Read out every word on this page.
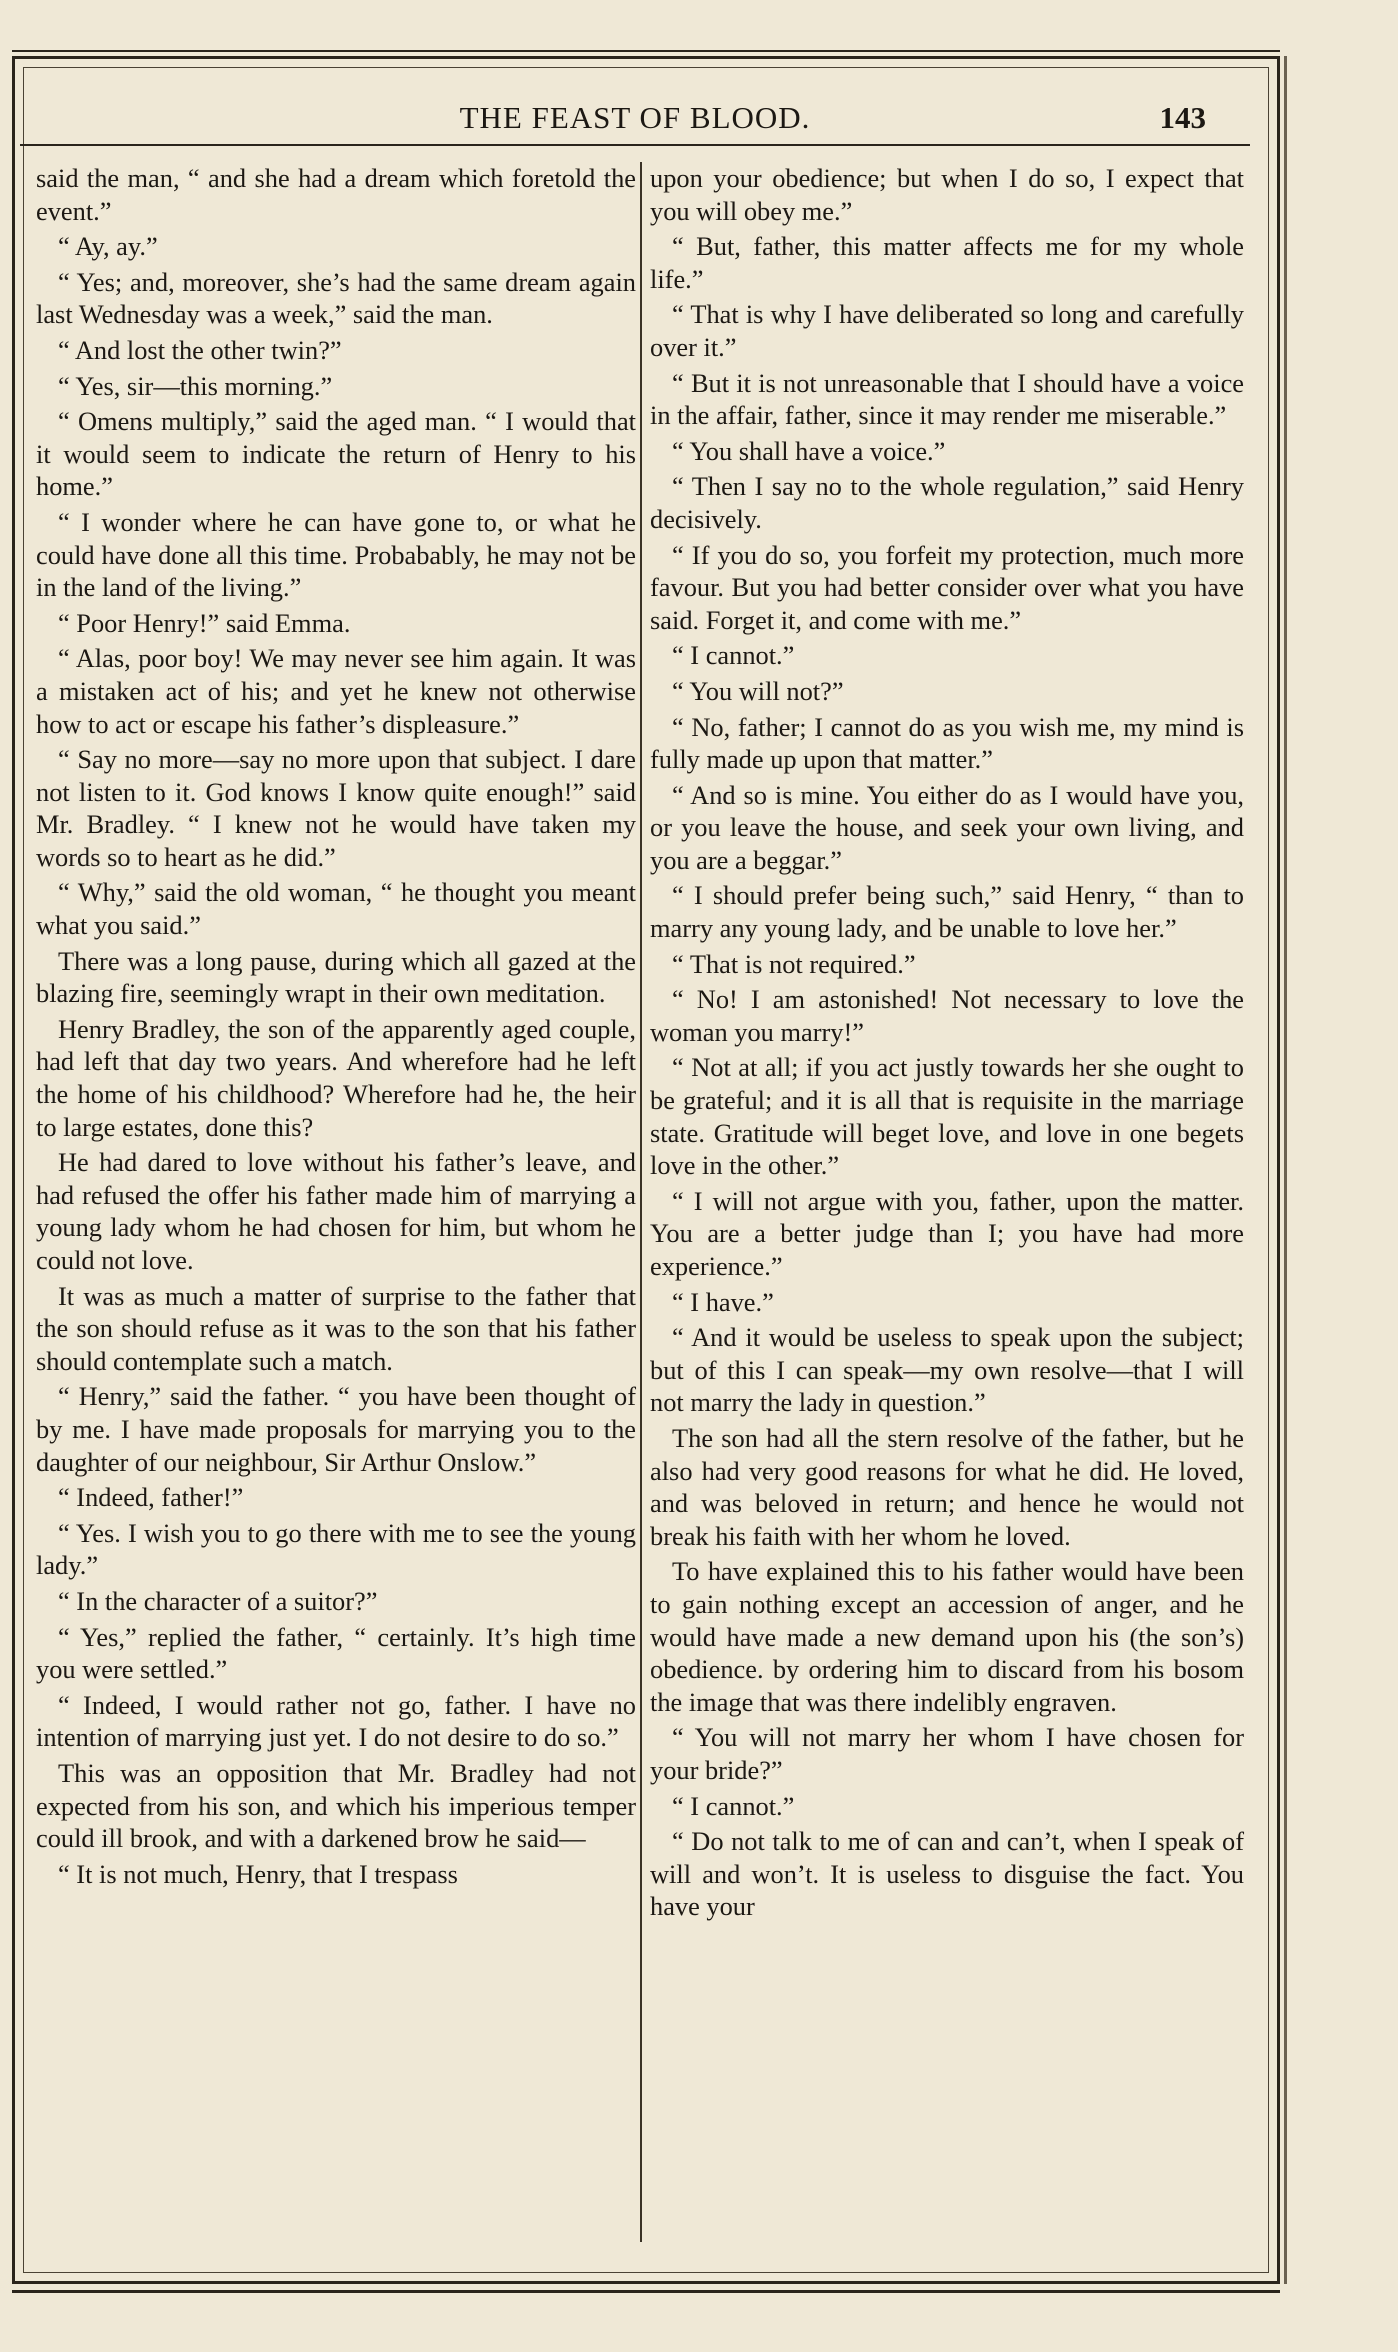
THE FEAST OF BLOOD.	143

said the man, “ and she had a dream which foretold the event.”

“ Ay, ay.”

“ Yes; and, moreover, she’s had the same dream again last Wednesday was a week,” said the man.

“ And lost the other twin?”

“ Yes, sir—this morning.”

“ Omens multiply,” said the aged man. “ I would that it would seem to indicate the return of Henry to his home.”

“ I wonder where he can have gone to, or what he could have done all this time. Probabably, he may not be in the land of the living.”

“ Poor Henry!” said Emma.

“ Alas, poor boy! We may never see him again. It was a mistaken act of his; and yet he knew not otherwise how to act or escape his father’s displeasure.”

“ Say no more—say no more upon that subject. I dare not listen to it. God knows I know quite enough!” said Mr. Bradley. “ I knew not he would have taken my words so to heart as he did.”

“ Why,” said the old woman, “ he thought you meant what you said.”

There was a long pause, during which all gazed at the blazing fire, seemingly wrapt in their own meditation.

Henry Bradley, the son of the apparently aged couple, had left that day two years. And wherefore had he left the home of his childhood? Wherefore had he, the heir to large estates, done this?

He had dared to love without his father’s leave, and had refused the offer his father made him of marrying a young lady whom he had chosen for him, but whom he could not love.

It was as much a matter of surprise to the father that the son should refuse as it was to the son that his father should contemplate such a match.

“ Henry,” said the father. “ you have been thought of by me. I have made proposals for marrying you to the daughter of our neighbour, Sir Arthur Onslow.”

“ Indeed, father!”

“ Yes. I wish you to go there with me to see the young lady.”

“ In the character of a suitor?”

“ Yes,” replied the father, “ certainly. It’s high time you were settled.”

“ Indeed, I would rather not go, father. I have no intention of marrying just yet. I do not desire to do so.”

This was an opposition that Mr. Bradley had not expected from his son, and which his imperious temper could ill brook, and with a darkened brow he said—

“ It is not much, Henry, that I trespass

upon your obedience; but when I do so, I expect that you will obey me.”

“ But, father, this matter affects me for my whole life.”

“ That is why I have deliberated so long and carefully over it.”

“ But it is not unreasonable that I should have a voice in the affair, father, since it may render me miserable.”

“ You shall have a voice.”

“ Then I say no to the whole regulation,” said Henry decisively.

“ If you do so, you forfeit my protection, much more favour. But you had better consider over what you have said. Forget it, and come with me.”

“ I cannot.”

“ You will not?”

“ No, father; I cannot do as you wish me, my mind is fully made up upon that matter.”

“ And so is mine. You either do as I would have you, or you leave the house, and seek your own living, and you are a beggar.”

“ I should prefer being such,” said Henry, “ than to marry any young lady, and be unable to love her.”

“ That is not required.”

“ No! I am astonished! Not necessary to love the woman you marry!”

“ Not at all; if you act justly towards her she ought to be grateful; and it is all that is requisite in the marriage state. Gratitude will beget love, and love in one begets love in the other.”

“ I will not argue with you, father, upon the matter. You are a better judge than I; you have had more experience.”

“ I have.”

“ And it would be useless to speak upon the subject; but of this I can speak—my own resolve—that I will not marry the lady in question.”

The son had all the stern resolve of the father, but he also had very good reasons for what he did. He loved, and was beloved in return; and hence he would not break his faith with her whom he loved.

To have explained this to his father would have been to gain nothing except an accession of anger, and he would have made a new demand upon his (the son’s) obedience. by ordering him to discard from his bosom the image that was there indelibly engraven.

“ You will not marry her whom I have chosen for your bride?”

“ I cannot.”

“ Do not talk to me of can and can’t, when I speak of will and won’t. It is useless to disguise the fact. You have your
